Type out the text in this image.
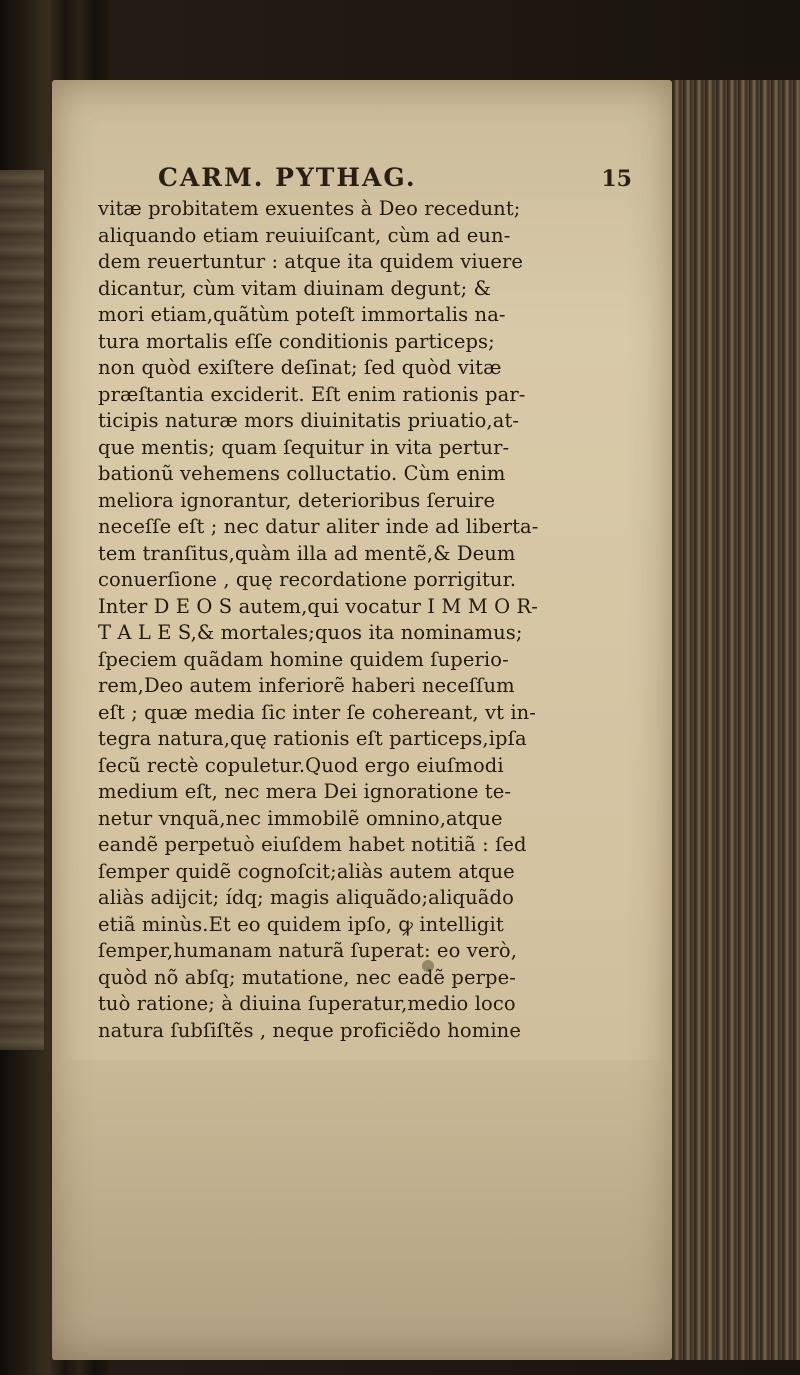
CARM. PYTHAG.	15
vitæ probitatem exuentes à Deo recedunt;
aliquando etiam reuiuiſcant, cùm ad eun-
dem reuertuntur : atque ita quidem viuere
dicantur, cùm vitam diuinam degunt; &
mori etiam,quãtùm poteſt immortalis na-
tura mortalis eſſe conditionis particeps;
non quòd exiſtere deſinat; ſed quòd vitæ
præſtantia exciderit. Eſt enim rationis par-
ticipis naturæ mors diuinitatis priuatio,at-
que mentis; quam ſequitur in vita pertur-
bationũ vehemens colluctatio. Cùm enim
meliora ignorantur, deterioribus ſeruire
neceſſe eſt ; nec datur aliter inde ad liberta-
tem tranſitus,quàm illa ad mentẽ,& Deum
conuerſione , quę recordatione porrigitur.
Inter D E O S autem,qui vocatur I M M O R-
T A L E S,& mortales;quos ita nominamus;
ſpeciem quãdam homine quidem ſuperio-
rem,Deo autem inferiorẽ haberi neceſſum
eſt ; quæ media ſic inter ſe cohereant, vt in-
tegra natura,quę rationis eſt particeps,ipſa
ſecũ rectè copuletur.Quod ergo eiuſmodi
medium eſt, nec mera Dei ignoratione te-
netur vnquã,nec immobilẽ omnino,atque
eandẽ perpetuò eiuſdem habet notitiã : ſed
ſemper quidẽ cognoſcit;aliàs autem atque
aliàs adijcit; ídq; magis aliquãdo;aliquãdo
etiã minùs.Et eo quidem ipſo, ꝙ intelligit
ſemper,humanam naturã ſuperat: eo verò,
quòd nõ abſq; mutatione, nec eadẽ perpe-
tuò ratione; à diuina ſuperatur,medio loco
natura ſubſiſtẽs , neque proficiẽdo homine
